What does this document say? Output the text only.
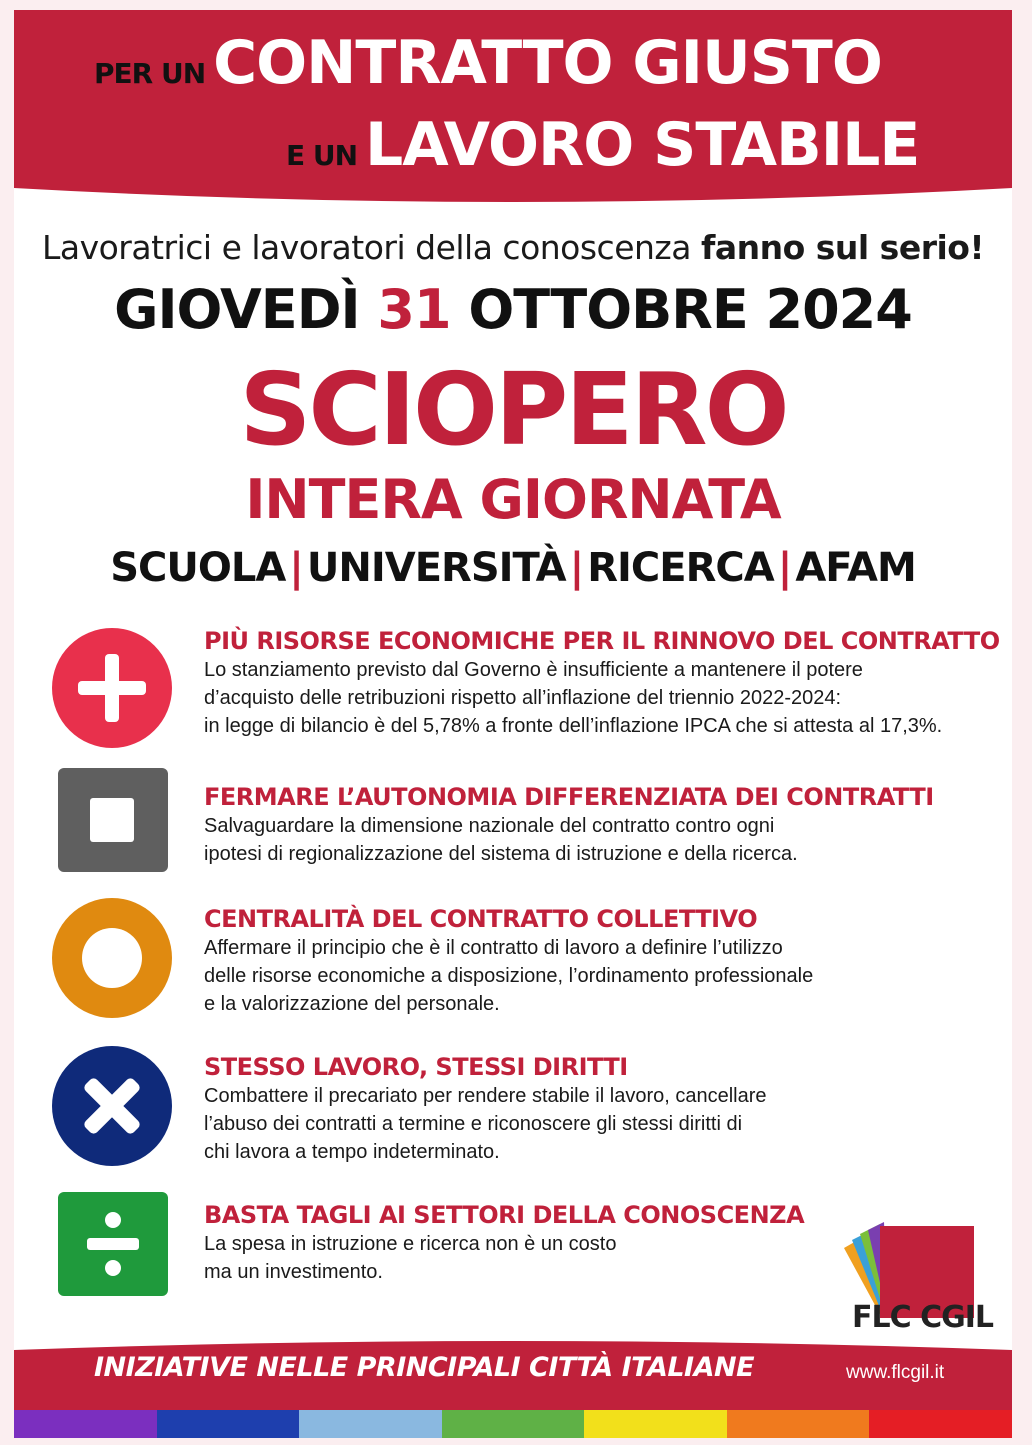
PER UN CONTRATTO GIUSTO
E UN LAVORO STABILE
Lavoratrici e lavoratori della conoscenza fanno sul serio!
GIOVEDÌ 31 OTTOBRE 2024
SCIOPERO
INTERA GIORNATA
SCUOLA | UNIVERSITÀ | RICERCA | AFAM
PIÙ RISORSE ECONOMICHE PER IL RINNOVO DEL CONTRATTO

Lo stanziamento previsto dal Governo è insufficiente a mantenere il potere
d’acquisto delle retribuzioni rispetto all’inflazione del triennio 2022-2024:
in legge di bilancio è del 5,78% a fronte dell’inflazione IPCA che si attesta al 17,3%.

FERMARE L’AUTONOMIA DIFFERENZIATA DEI CONTRATTI

Salvaguardare la dimensione nazionale del contratto contro ogni
ipotesi di regionalizzazione del sistema di istruzione e della ricerca.

CENTRALITÀ DEL CONTRATTO COLLETTIVO

Affermare il principio che è il contratto di lavoro a definire l’utilizzo
delle risorse economiche a disposizione, l’ordinamento professionale
e la valorizzazione del personale.

STESSO LAVORO, STESSI DIRITTI

Combattere il precariato per rendere stabile il lavoro, cancellare
l’abuso dei contratti a termine e riconoscere gli stessi diritti di
chi lavora a tempo indeterminato.

BASTA TAGLI AI SETTORI DELLA CONOSCENZA

La spesa in istruzione e ricerca non è un costo
ma un investimento.

FLC CGIL
INIZIATIVE NELLE PRINCIPALI CITTÀ ITALIANE	www.flcgil.it
